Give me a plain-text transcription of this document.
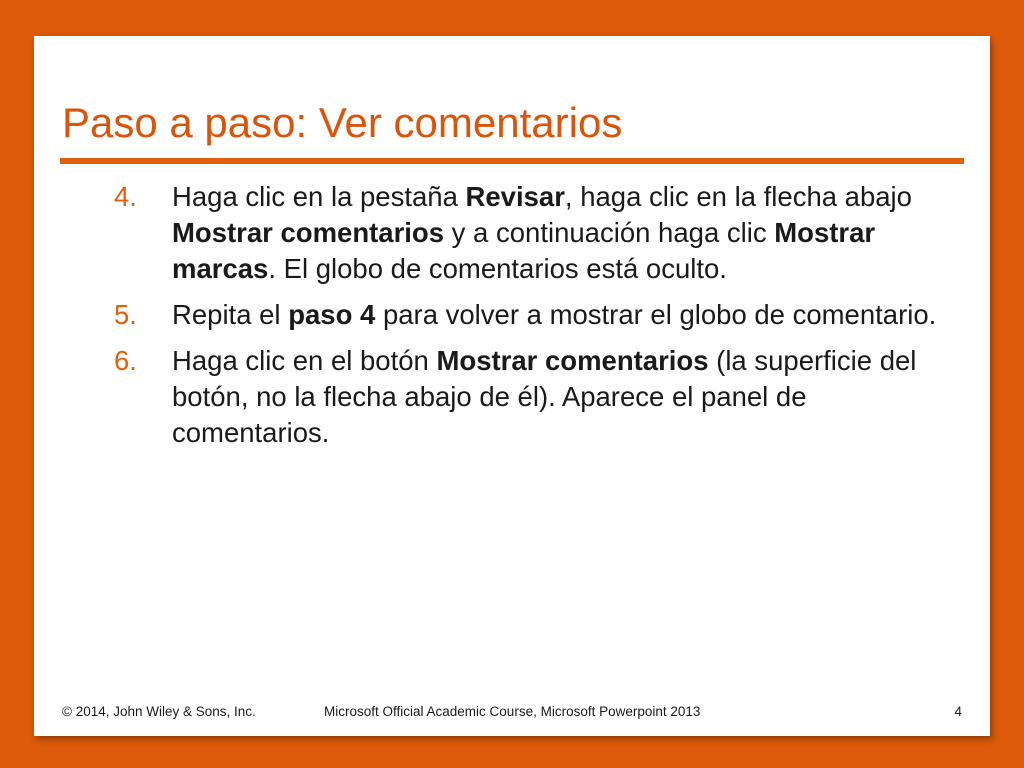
Paso a paso: Ver comentarios
4. Haga clic en la pestaña Revisar, haga clic en la flecha abajo Mostrar comentarios y a continuación haga clic Mostrar marcas. El globo de comentarios está oculto.
5. Repita el paso 4 para volver a mostrar el globo de comentario.
6. Haga clic en el botón Mostrar comentarios (la superficie del botón, no la flecha abajo de él). Aparece el panel de comentarios.
© 2014, John Wiley & Sons, Inc.	Microsoft Official Academic Course, Microsoft Powerpoint 2013	4
